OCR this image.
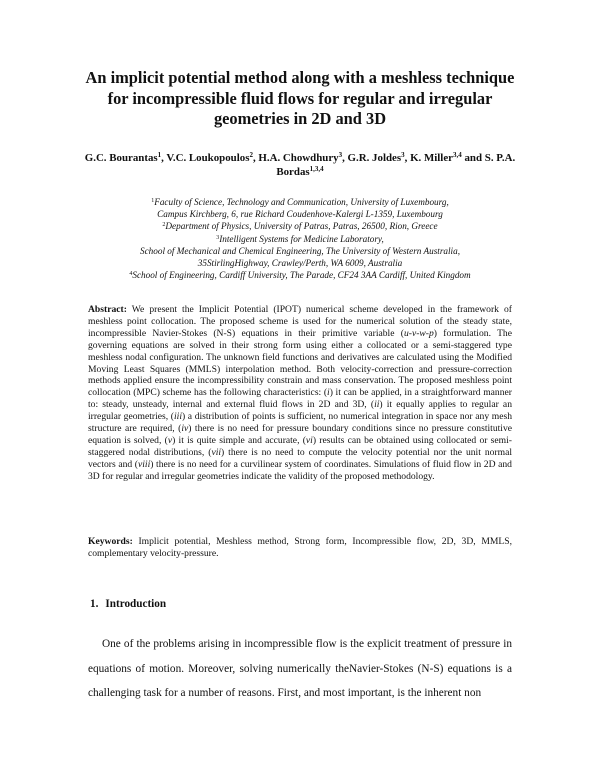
An implicit potential method along with a meshless technique
for incompressible fluid flows for regular and irregular
geometries in 2D and 3D
G.C. Bourantas$^1$, V.C. Loukopoulos$^2$, H.A. Chowdhury$^3$, G.R. Joldes$^3$, K. Miller$^{3,4}$ and S. P.A. Bordas$^{1,3,4}$
$^1$Faculty of Science, Technology and Communication, University of Luxembourg,
Campus Kirchberg, 6, rue Richard Coudenhove-Kalergi L-1359, Luxembourg
$^2$Department of Physics, University of Patras, Patras, 26500, Rion, Greece
$^3$Intelligent Systems for Medicine Laboratory,
School of Mechanical and Chemical Engineering, The University of Western Australia,
35StirlingHighway, Crawley/Perth, WA 6009, Australia
$^4$School of Engineering, Cardiff University, The Parade, CF24 3AA Cardiff, United Kingdom
Abstract: We present the Implicit Potential (IPOT) numerical scheme developed in the framework of meshless point collocation. The proposed scheme is used for the numerical solution of the steady state, incompressible Navier-Stokes (N-S) equations in their primitive variable (u-v-w-p) formulation. The governing equations are solved in their strong form using either a collocated or a semi-staggered type meshless nodal configuration. The unknown field functions and derivatives are calculated using the Modified Moving Least Squares (MMLS) interpolation method. Both velocity-correction and pressure-correction methods applied ensure the incompressibility constrain and mass conservation. The proposed meshless point collocation (MPC) scheme has the following characteristics: (i) it can be applied, in a straightforward manner to: steady, unsteady, internal and external fluid flows in 2D and 3D, (ii) it equally applies to regular an irregular geometries, (iii) a distribution of points is sufficient, no numerical integration in space nor any mesh structure are required, (iv) there is no need for pressure boundary conditions since no pressure constitutive equation is solved, (v) it is quite simple and accurate, (vi) results can be obtained using collocated or semi-staggered nodal distributions, (vii) there is no need to compute the velocity potential nor the unit normal vectors and (viii) there is no need for a curvilinear system of coordinates. Simulations of fluid flow in 2D and 3D for regular and irregular geometries indicate the validity of the proposed methodology.
Keywords: Implicit potential, Meshless method, Strong form, Incompressible flow, 2D, 3D, MMLS, complementary velocity-pressure.
1. Introduction
One of the problems arising in incompressible flow is the explicit treatment of pressure in equations of motion. Moreover, solving numerically theNavier-Stokes (N-S) equations is a challenging task for a number of reasons. First, and most important, is the inherent non
